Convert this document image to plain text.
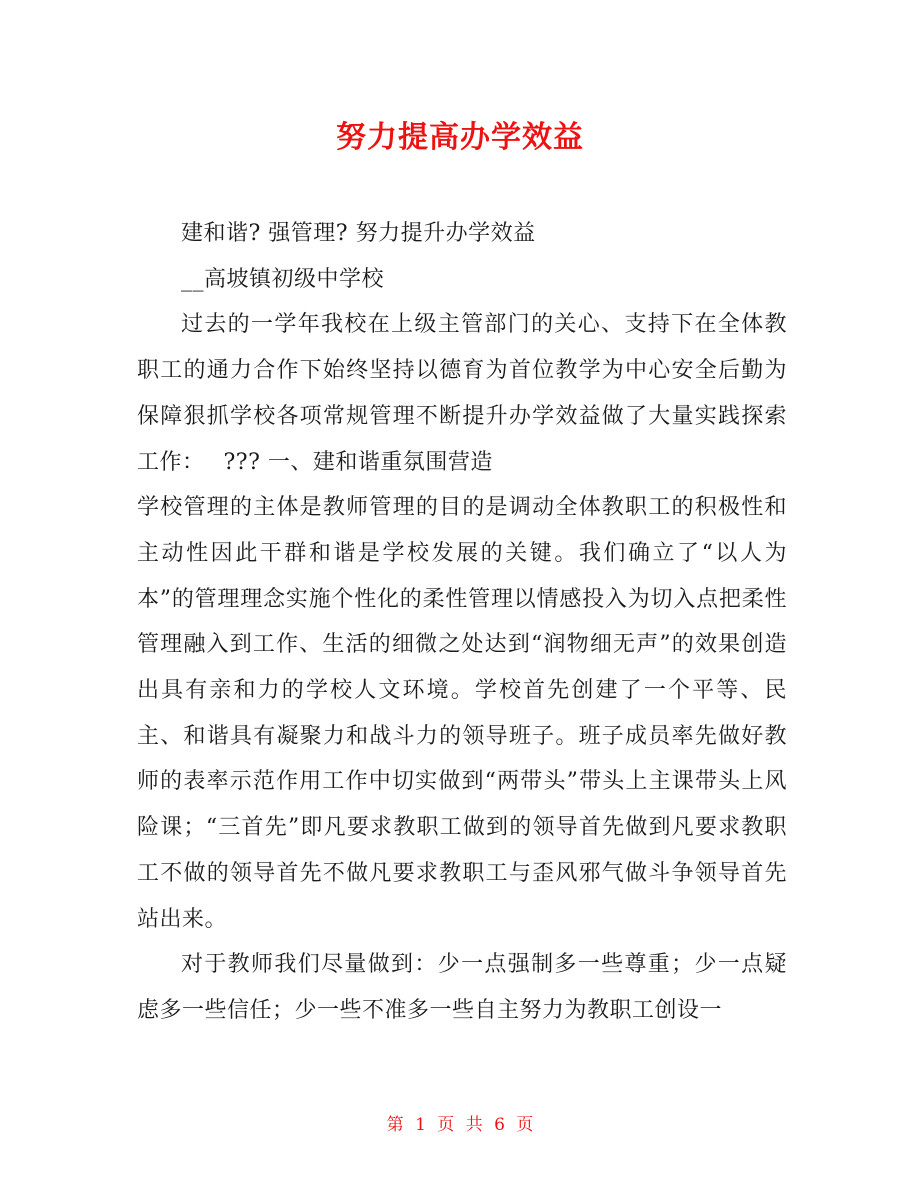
努力提高办学效益

建和谐? 强管理? 努力提升办学效益

__高坡镇初级中学校

过去的一学年我校在上级主管部门的关心、支持下在全体教职工的通力合作下始终坚持以德育为首位教学为中心安全后勤为保障狠抓学校各项常规管理不断提升办学效益做了大量实践探索工作：　 ??? 一、建和谐重氛围营造

学校管理的主体是教师管理的目的是调动全体教职工的积极性和主动性因此干群和谐是学校发展的关键。我们确立了“以人为本”的管理理念实施个性化的柔性管理以情感投入为切入点把柔性管理融入到工作、生活的细微之处达到“润物细无声”的效果创造出具有亲和力的学校人文环境。学校首先创建了一个平等、民主、和谐具有凝聚力和战斗力的领导班子。班子成员率先做好教师的表率示范作用工作中切实做到“两带头”带头上主课带头上风险课；“三首先”即凡要求教职工做到的领导首先做到凡要求教职工不做的领导首先不做凡要求教职工与歪风邪气做斗争领导首先站出来。

对于教师我们尽量做到：少一点强制多一些尊重；少一点疑虑多一些信任；少一些不准多一些自主努力为教职工创设一

第 1 页 共 6 页
